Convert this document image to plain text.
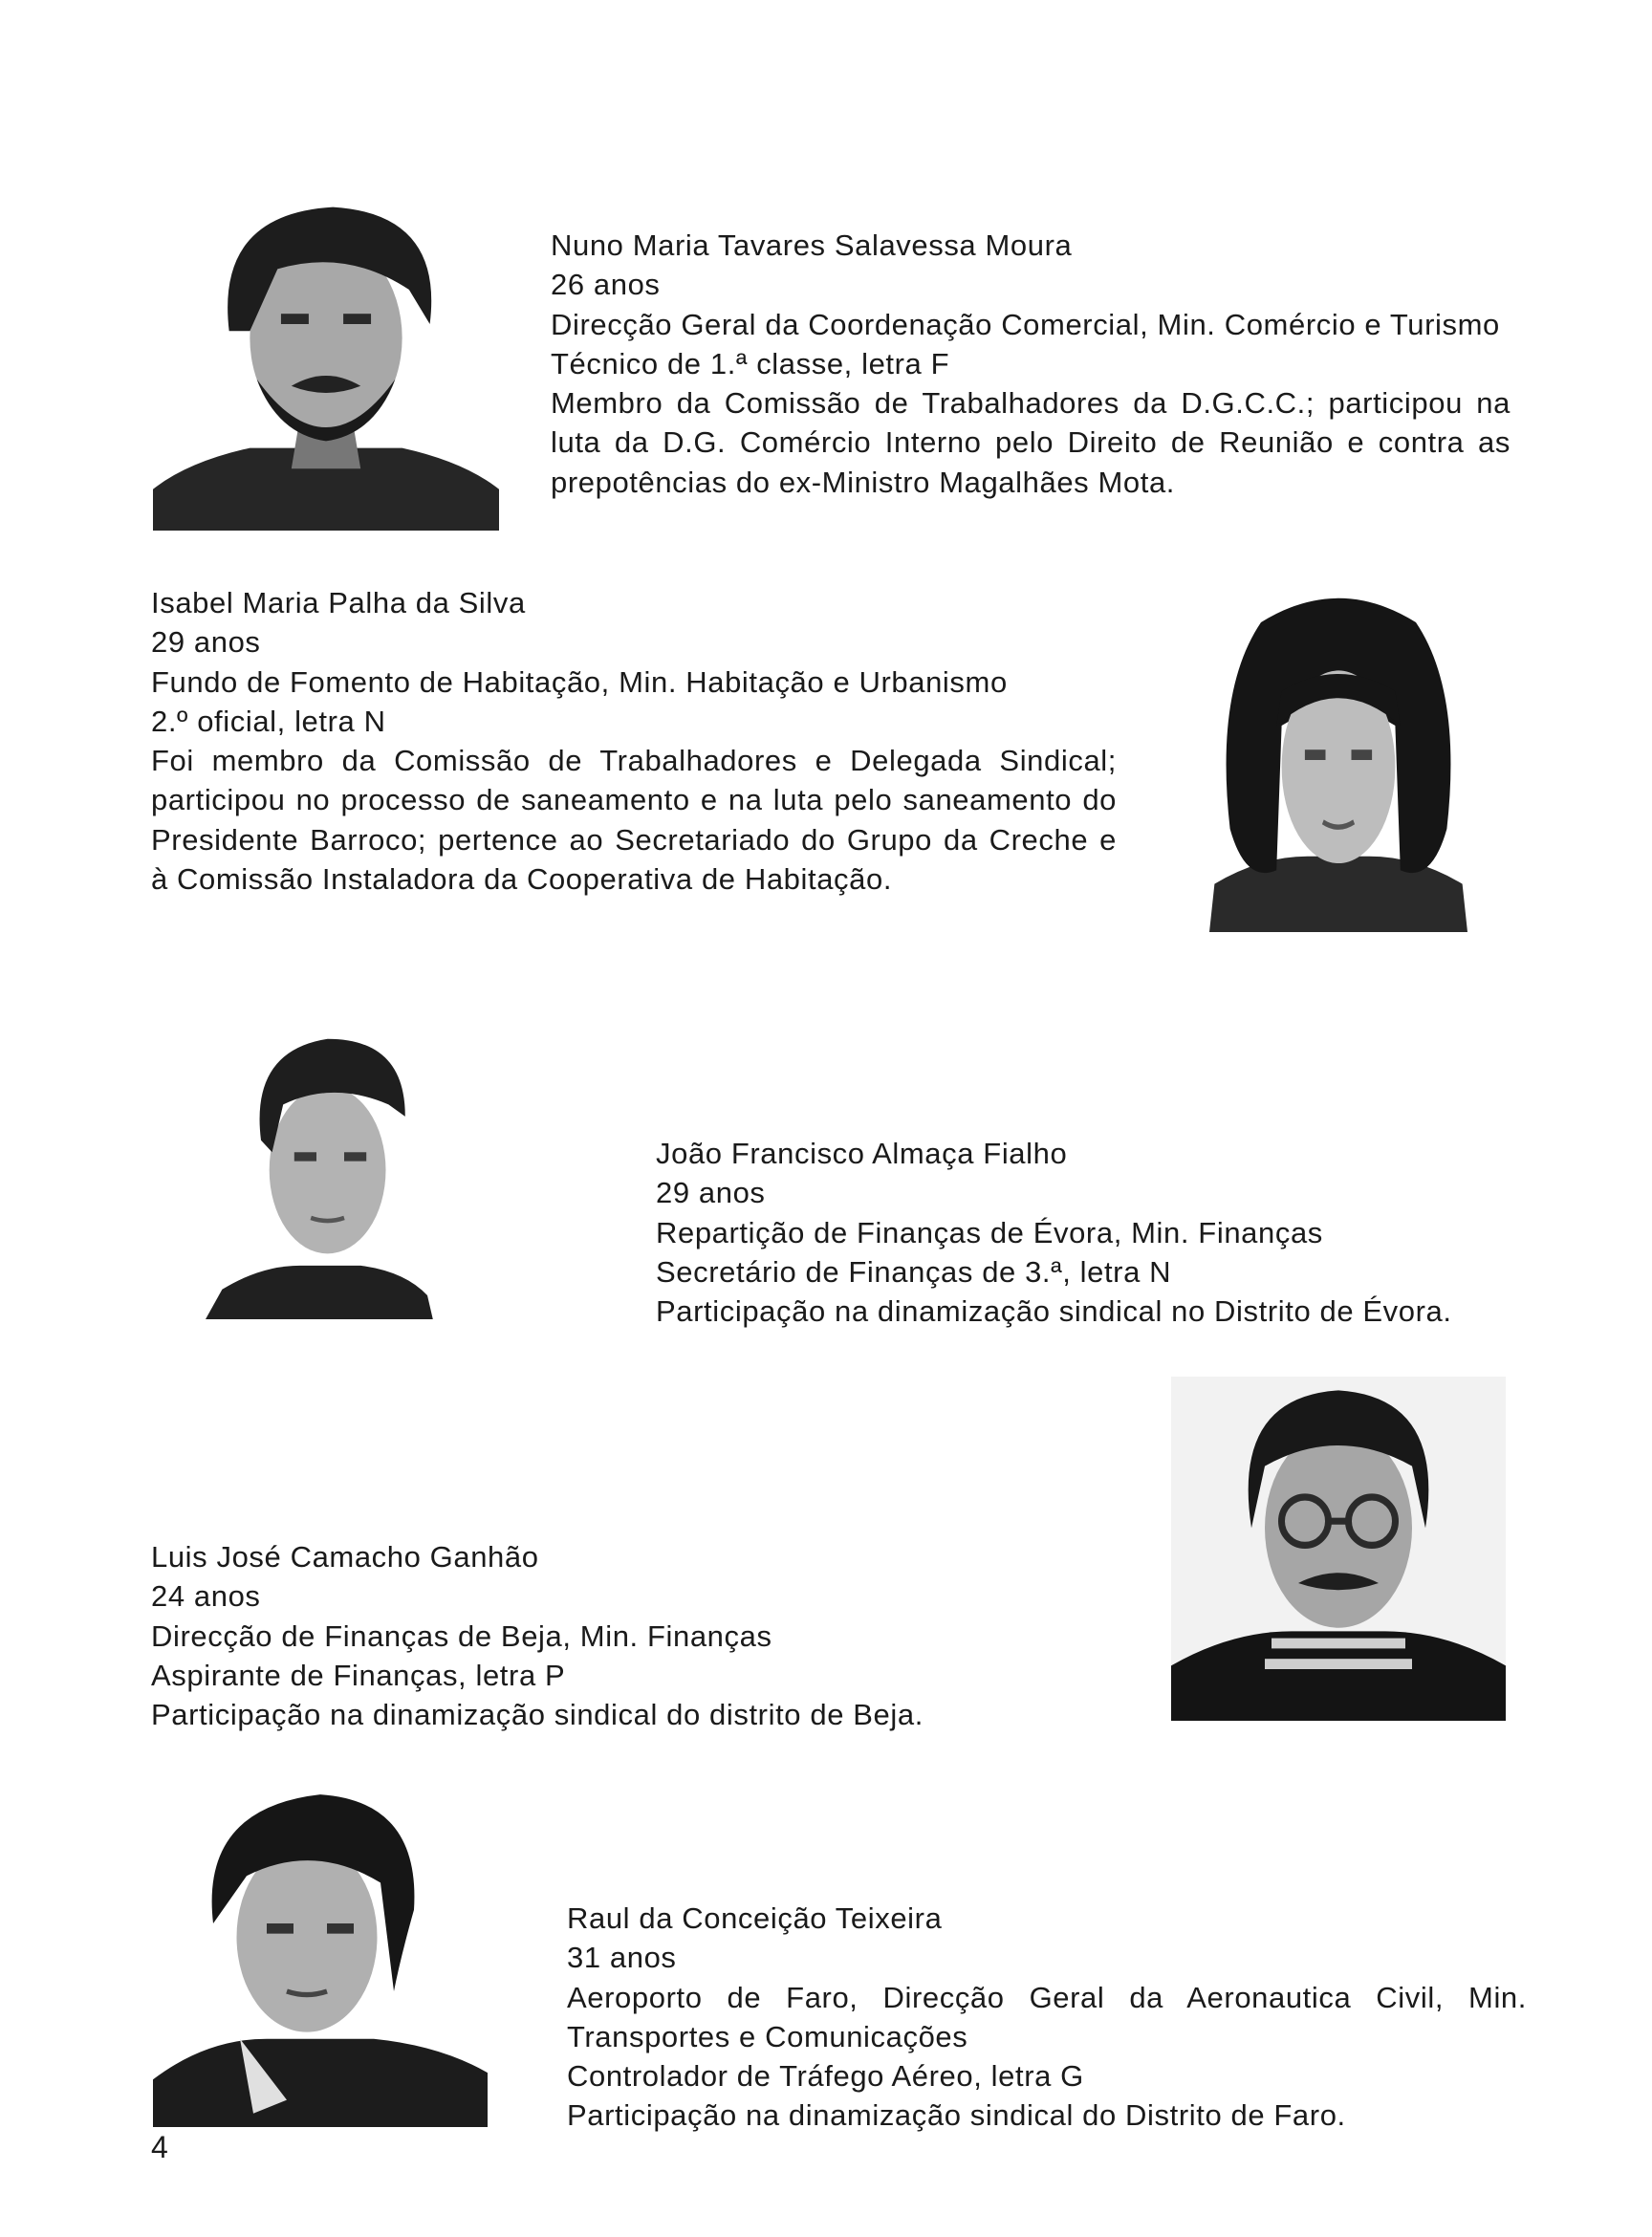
Nuno Maria Tavares Salavessa Moura
26 anos
Direcção Geral da Coordenação Comercial, Min. Comércio e Turismo
Técnico de 1.ª classe, letra F
Membro da Comissão de Trabalhadores da D.G.C.C.; participou na luta da D.G. Comércio Interno pelo Direito de Reunião e contra as prepotências do ex-Ministro Magalhães Mota.
Isabel Maria Palha da Silva
29 anos
Fundo de Fomento de Habitação, Min. Habitação e Urbanismo
2.º oficial, letra N
Foi membro da Comissão de Trabalhadores e Delegada Sindical; participou no processo de saneamento e na luta pelo saneamento do Presidente Barroco; pertence ao Secretariado do Grupo da Creche e à Comissão Instaladora da Cooperativa de Habitação.
João Francisco Almaça Fialho
29 anos
Repartição de Finanças de Évora, Min. Finanças
Secretário de Finanças de 3.ª, letra N
Participação na dinamização sindical no Distrito de Évora.
Luis José Camacho Ganhão
24 anos
Direcção de Finanças de Beja, Min. Finanças
Aspirante de Finanças, letra P
Participação na dinamização sindical do distrito de Beja.
Raul da Conceição Teixeira
31 anos
Aeroporto de Faro, Direcção Geral da Aeronautica Civil, Min. Transportes e Comunicações
Controlador de Tráfego Aéreo, letra G
Participação na dinamização sindical do Distrito de Faro.
4
